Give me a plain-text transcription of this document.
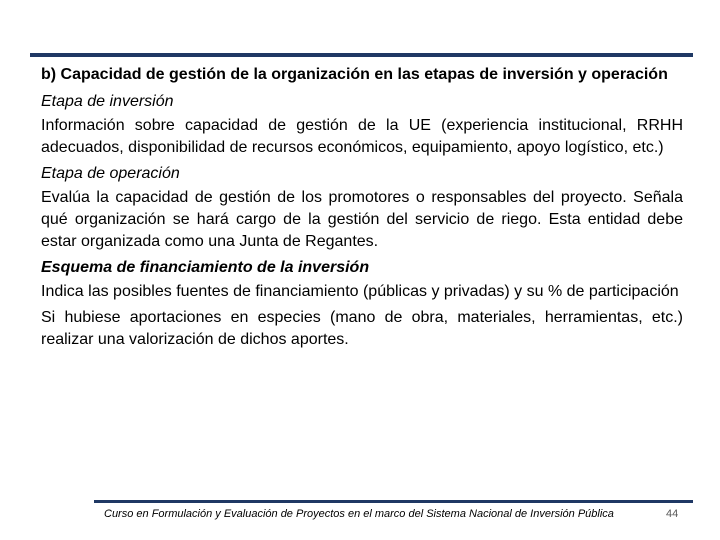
b) Capacidad de gestión de la organización en las etapas de inversión y operación

Etapa de inversión

Información sobre capacidad de gestión de la UE (experiencia institucional, RRHH adecuados, disponibilidad de recursos económicos, equipamiento, apoyo logístico, etc.)

Etapa de operación

Evalúa la capacidad de gestión de los promotores o responsables del proyecto. Señala qué organización se hará cargo de la gestión del servicio de riego. Esta entidad debe estar organizada como una Junta de Regantes.

Esquema de financiamiento de la inversión

Indica las posibles fuentes de financiamiento (públicas y privadas) y su % de participación

Si hubiese aportaciones en especies (mano de obra, materiales, herramientas, etc.) realizar una valorización de dichos aportes.

Curso en Formulación y Evaluación de Proyectos en el marco del Sistema Nacional de Inversión Pública	44
